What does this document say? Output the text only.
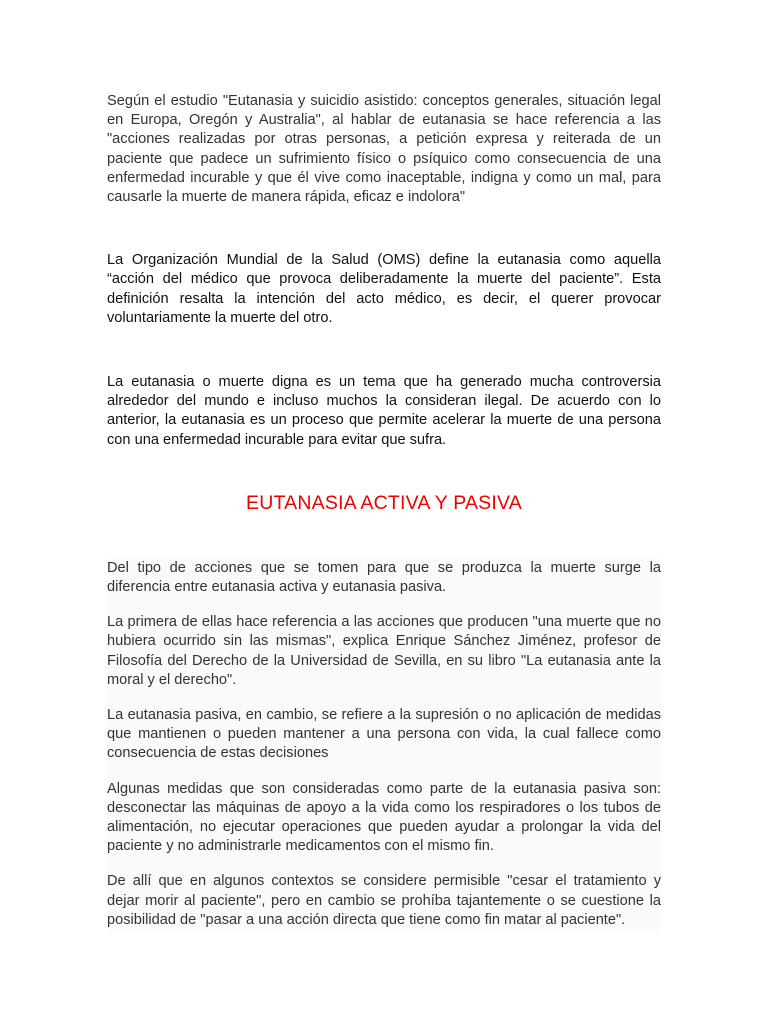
Según el estudio "Eutanasia y suicidio asistido: conceptos generales, situación legal en Europa, Oregón y Australia", al hablar de eutanasia se hace referencia a las "acciones realizadas por otras personas, a petición expresa y reiterada de un paciente que padece un sufrimiento físico o psíquico como consecuencia de una enfermedad incurable y que él vive como inaceptable, indigna y como un mal, para causarle la muerte de manera rápida, eficaz e indolora"

La Organización Mundial de la Salud (OMS) define la eutanasia como aquella “acción del médico que provoca deliberadamente la muerte del paciente”. Esta definición resalta la intención del acto médico, es decir, el querer provocar voluntariamente la muerte del otro.

La eutanasia o muerte digna es un tema que ha generado mucha controversia alrededor del mundo e incluso muchos la consideran ilegal. De acuerdo con lo anterior, la eutanasia es un proceso que permite acelerar la muerte de una persona con una enfermedad incurable para evitar que sufra.

EUTANASIA ACTIVA Y PASIVA

Del tipo de acciones que se tomen para que se produzca la muerte surge la diferencia entre eutanasia activa y eutanasia pasiva.

La primera de ellas hace referencia a las acciones que producen "una muerte que no hubiera ocurrido sin las mismas", explica Enrique Sánchez Jiménez, profesor de Filosofía del Derecho de la Universidad de Sevilla, en su libro "La eutanasia ante la moral y el derecho".

La eutanasia pasiva, en cambio, se refiere a la supresión o no aplicación de medidas que mantienen o pueden mantener a una persona con vida, la cual fallece como consecuencia de estas decisiones

Algunas medidas que son consideradas como parte de la eutanasia pasiva son: desconectar las máquinas de apoyo a la vida como los respiradores o los tubos de alimentación, no ejecutar operaciones que pueden ayudar a prolongar la vida del paciente y no administrarle medicamentos con el mismo fin.

De allí que en algunos contextos se considere permisible "cesar el tratamiento y dejar morir al paciente", pero en cambio se prohíba tajantemente o se cuestione la posibilidad de "pasar a una acción directa que tiene como fin matar al paciente".
